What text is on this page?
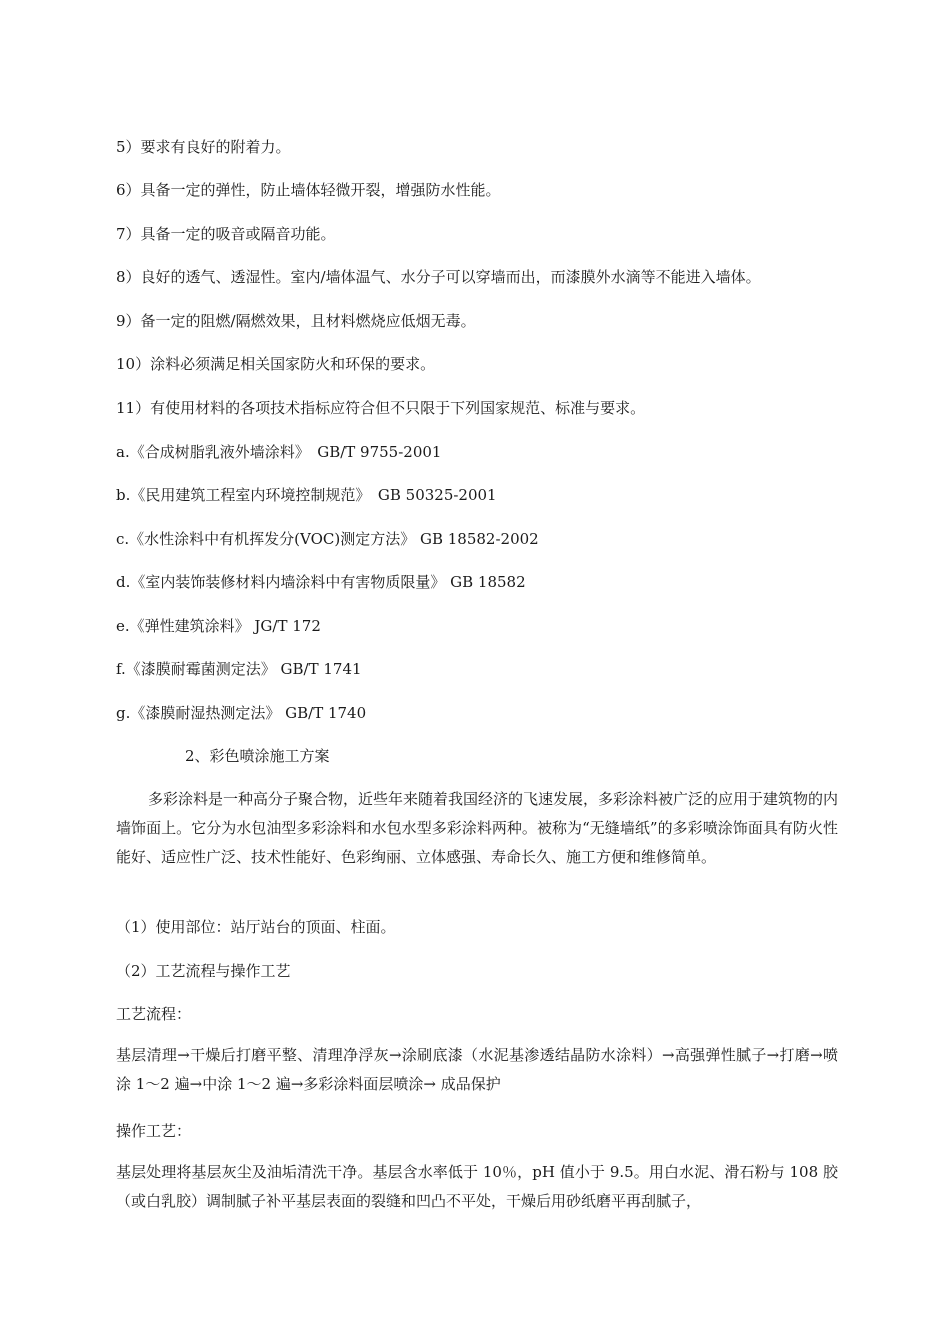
5）要求有良好的附着力。
6）具备一定的弹性，防止墙体轻微开裂，增强防水性能。
7）具备一定的吸音或隔音功能。
8）良好的透气、透湿性。室内/墙体温气、水分子可以穿墙而出，而漆膜外水滴等不能进入墙体。
9）备一定的阻燃/隔燃效果，且材料燃烧应低烟无毒。
10）涂料必须满足相关国家防火和环保的要求。
11）有使用材料的各项技术指标应符合但不只限于下列国家规范、标准与要求。
a.《合成树脂乳液外墙涂料》　GB/T 9755-2001
b.《民用建筑工程室内环境控制规范》　GB 50325-2001
c.《水性涂料中有机挥发分(VOC)测定方法》 GB 18582-2002
d.《室内装饰装修材料内墙涂料中有害物质限量》 GB 18582
e.《弹性建筑涂料》 JG/T 172
f.《漆膜耐霉菌测定法》 GB/T 1741
g.《漆膜耐湿热测定法》 GB/T 1740
2、彩色喷涂施工方案
多彩涂料是一种高分子聚合物，近些年来随着我国经济的飞速发展，多彩涂料被广泛的应用于建筑物的内墙饰面上。它分为水包油型多彩涂料和水包水型多彩涂料两种。被称为“无缝墙纸”的多彩喷涂饰面具有防火性能好、适应性广泛、技术性能好、色彩绚丽、立体感强、寿命长久、施工方便和维修简单。
（1）使用部位：站厅站台的顶面、柱面。
（2）工艺流程与操作工艺
工艺流程：
基层清理→干燥后打磨平整、清理净浮灰→涂刷底漆（水泥基渗透结晶防水涂料）→高强弹性腻子→打磨→喷涂 1～2 遍→中涂 1～2 遍→多彩涂料面层喷涂→ 成品保护
操作工艺：
基层处理将基层灰尘及油垢清洗干净。基层含水率低于 10％，pH 值小于 9.5。用白水泥、滑石粉与 108 胶（或白乳胶）调制腻子补平基层表面的裂缝和凹凸不平处，干燥后用砂纸磨平再刮腻子，
